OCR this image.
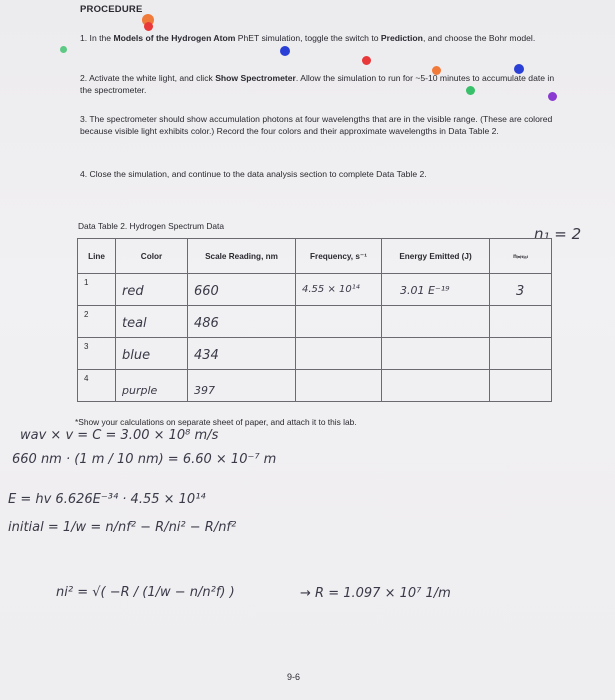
PROCEDURE
1. In the Models of the Hydrogen Atom PhET simulation, toggle the switch to Prediction, and choose the Bohr model.
2. Activate the white light, and click Show Spectrometer. Allow the simulation to run for ~5-10 minutes to accumulate date in the spectrometer.
3. The spectrometer should show accumulation photons at four wavelengths that are in the visible range. (These are colored because visible light exhibits color.) Record the four colors and their approximate wavelengths in Data Table 2.
4. Close the simulation, and continue to the data analysis section to complete Data Table 2.
Data Table 2. Hydrogen Spectrum Data	n₁ = 2
Line	Color	Scale Reading, nm	Frequency, s⁻¹	Energy Emitted (J)	nᵢₙᵢₜᵢₐₗ

1	red	660	4.55 × 10¹⁴	3.01 E⁻¹⁹	3

2	teal	486			

3	blue	434			

4	purple	397			

*Show your calculations on separate sheet of paper, and attach it to this lab.
wav × v = C = 3.00 × 10⁸ m/s
660 nm · (1 m / 10 nm) = 6.60 × 10⁻⁷ m
E = hv 6.626E⁻³⁴ · 4.55 × 10¹⁴
initial = 1/w = n/nf² − R/ni² − R/nf²
ni² = √( −R / (1/w − n/n²f) )	→ R = 1.097 × 10⁷ 1/m
9-6
